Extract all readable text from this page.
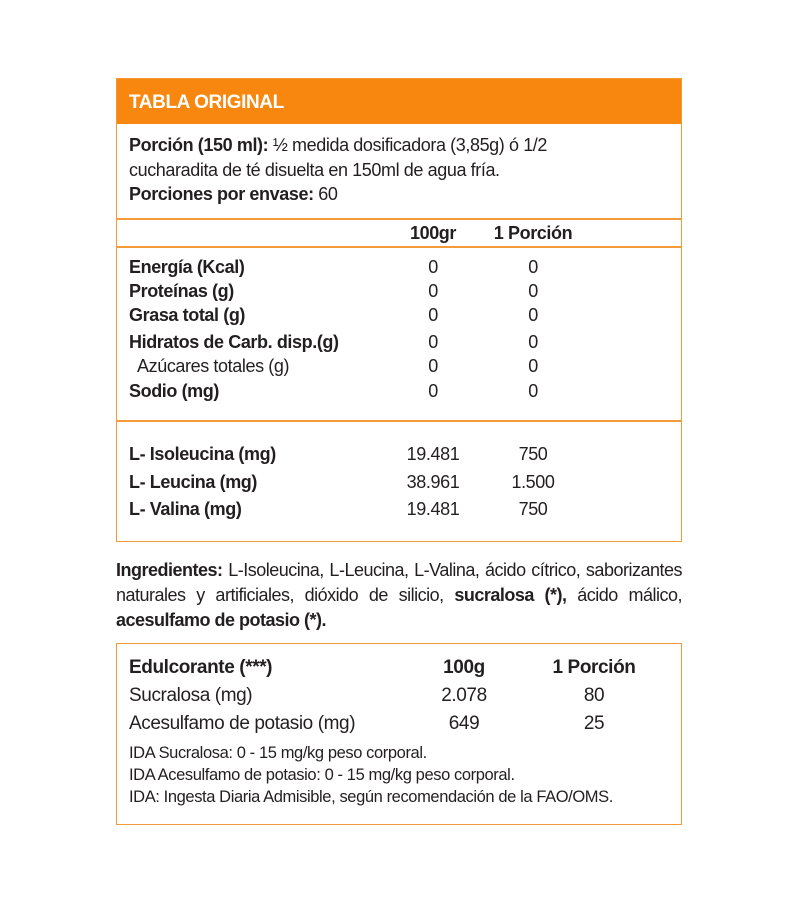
TABLA ORIGINAL
Porción (150 ml): ½ medida dosificadora (3,85g) ó 1/2
cucharadita de té disuelta en 150ml de agua fría.
Porciones por envase: 60
100gr	1 Porción
Energía (Kcal)	0	0
Proteínas (g)	0	0
Grasa total (g)	0	0
Hidratos de Carb. disp.(g)	0	0
Azúcares totales (g)	0	0
Sodio (mg)	0	0
L- Isoleucina (mg)	19.481	750
L- Leucina (mg)	38.961	1.500
L- Valina (mg)	19.481	750
Ingredientes: L-Isoleucina, L-Leucina, L-Valina, ácido cítrico, saborizantes naturales y artificiales, dióxido de silicio, sucralosa (*), ácido málico, acesulfamo de potasio (*).
Edulcorante (***)	100g	1 Porción
Sucralosa (mg)	2.078	80
Acesulfamo de potasio (mg)	649	25
IDA Sucralosa: 0 - 15 mg/kg peso corporal.
IDA Acesulfamo de potasio: 0 - 15 mg/kg peso corporal.
IDA: Ingesta Diaria Admisible, según recomendación de la FAO/OMS.
